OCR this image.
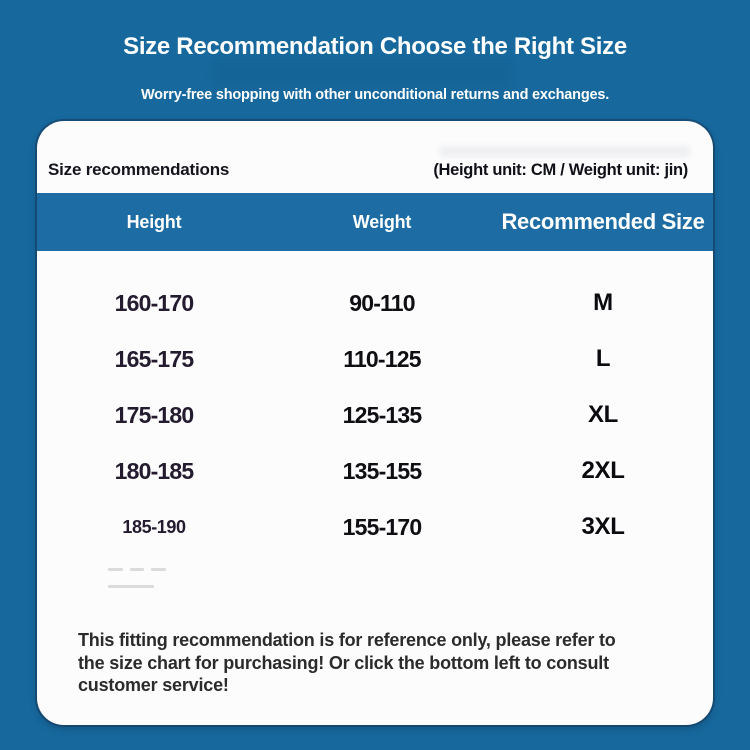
Size Recommendation Choose the Right Size

Worry-free shopping with other unconditional returns and exchanges.

Size recommendations	(Height unit: CM / Weight unit: jin)
Height	Weight	Recommended Size
160-170	90-110	M
165-175	110-125	L
175-180	125-135	XL
180-185	135-155	2XL
185-190	155-170	3XL

This fitting recommendation is for reference only, please refer to
the size chart for purchasing! Or click the bottom left to consult
customer service!
